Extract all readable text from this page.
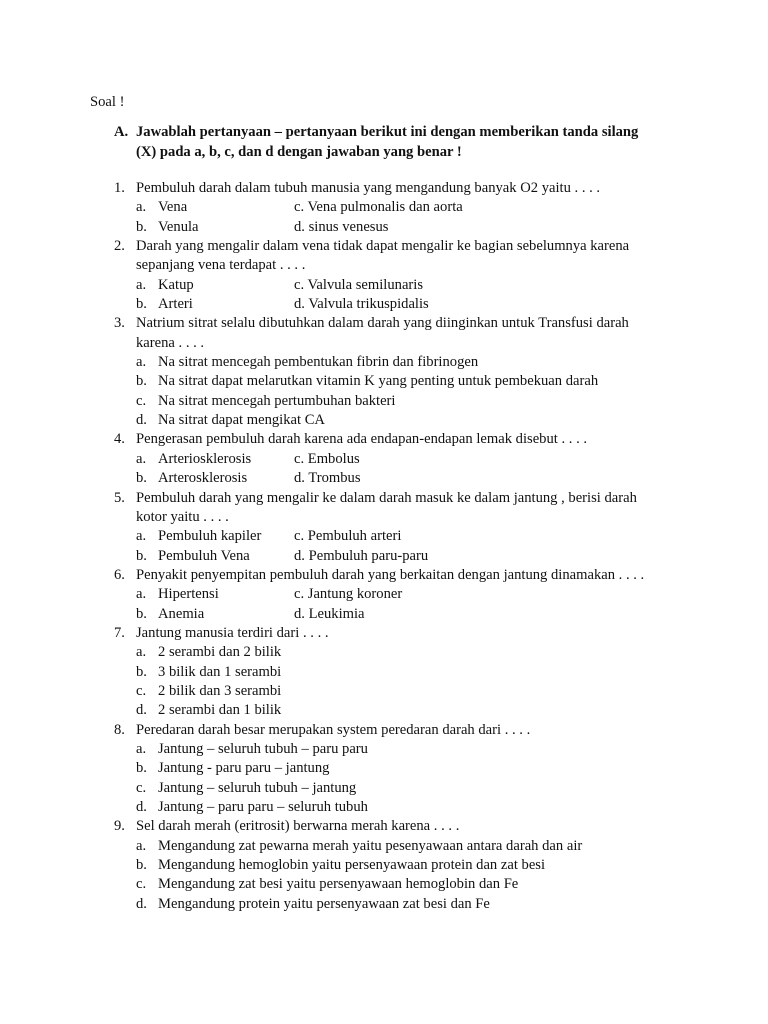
Soal !
A. Jawablah pertanyaan – pertanyaan berikut ini dengan memberikan tanda silang
(X) pada a, b, c, dan d dengan jawaban yang benar !
1. Pembuluh darah dalam tubuh manusia yang mengandung banyak O2 yaitu . . . .
a. Vena	c. Vena pulmonalis dan aorta
b. Venula	d. sinus venesus
2. Darah yang mengalir dalam vena tidak dapat mengalir ke bagian sebelumnya karena
sepanjang vena terdapat . . . .
a. Katup	c. Valvula semilunaris
b. Arteri	d. Valvula trikuspidalis
3. Natrium sitrat selalu dibutuhkan dalam darah yang diinginkan untuk Transfusi darah
karena . . . .
a. Na sitrat mencegah pembentukan fibrin dan fibrinogen
b. Na sitrat dapat melarutkan vitamin K yang penting untuk pembekuan darah
c. Na sitrat mencegah pertumbuhan bakteri
d. Na sitrat dapat mengikat CA
4. Pengerasan pembuluh darah karena ada endapan-endapan lemak disebut . . . .
a. Arteriosklerosis	c. Embolus
b. Arterosklerosis	d. Trombus
5. Pembuluh darah yang mengalir ke dalam darah masuk ke dalam jantung , berisi darah
kotor yaitu . . . .
a. Pembuluh kapiler	c. Pembuluh arteri
b. Pembuluh Vena	d. Pembuluh paru-paru
6. Penyakit penyempitan pembuluh darah yang berkaitan dengan jantung dinamakan . . . .
a. Hipertensi	c. Jantung koroner
b. Anemia	d. Leukimia
7. Jantung manusia terdiri dari . . . .
a. 2 serambi dan 2 bilik
b. 3 bilik dan 1 serambi
c. 2 bilik dan 3 serambi
d. 2 serambi dan 1 bilik
8. Peredaran darah besar merupakan system peredaran darah dari . . . .
a. Jantung – seluruh tubuh – paru paru
b. Jantung - paru paru – jantung
c. Jantung – seluruh tubuh – jantung
d. Jantung – paru paru – seluruh tubuh
9. Sel darah merah (eritrosit) berwarna merah karena . . . .
a. Mengandung zat pewarna merah yaitu pesenyawaan antara darah dan air
b. Mengandung hemoglobin yaitu persenyawaan protein dan zat besi
c. Mengandung zat besi yaitu persenyawaan hemoglobin dan Fe
d. Mengandung protein yaitu persenyawaan zat besi dan Fe
